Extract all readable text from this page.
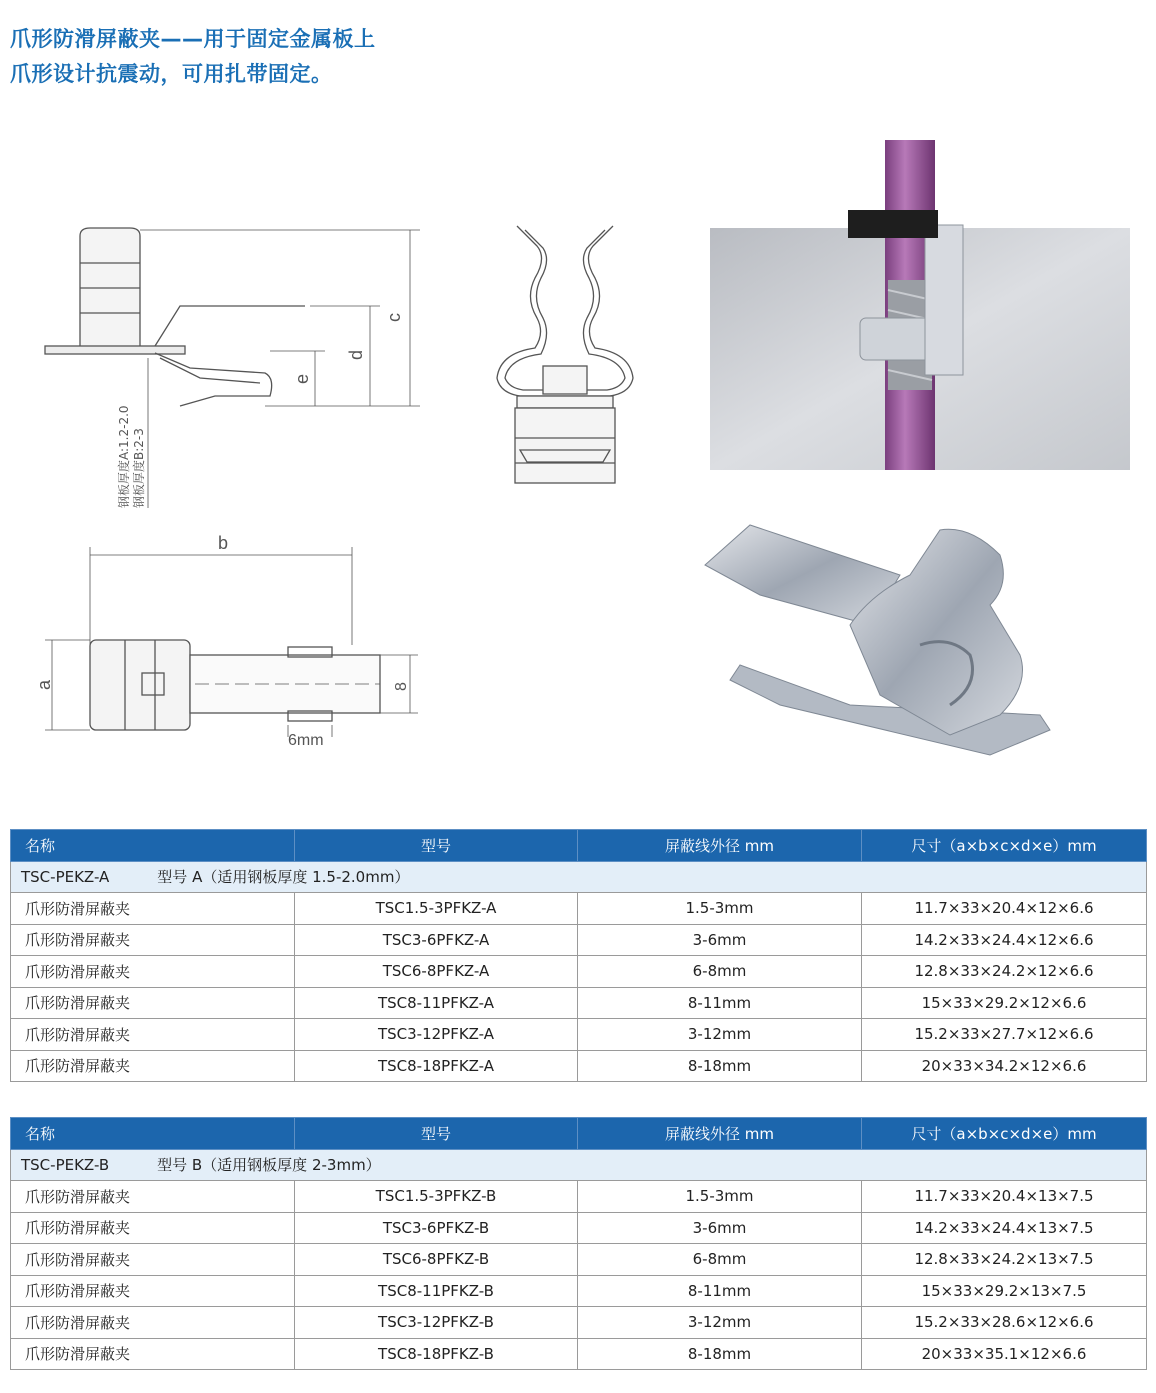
爪形防滑屏蔽夹——用于固定金属板上
爪形设计抗震动，可用扎带固定。
c
d
e
钢板厚度A:1.2-2.0 钢板厚度B:2-3
b
a	8
6mm
名称	型号	屏蔽线外径 mm	尺寸（a×b×c×d×e）mm
TSC-PEKZ-A 型号 A（适用钢板厚度 1.5-2.0mm）			
爪形防滑屏蔽夹	TSC1.5-3PFKZ-A	1.5-3mm	11.7×33×20.4×12×6.6
爪形防滑屏蔽夹	TSC3-6PFKZ-A	3-6mm	14.2×33×24.4×12×6.6
爪形防滑屏蔽夹	TSC6-8PFKZ-A	6-8mm	12.8×33×24.2×12×6.6
爪形防滑屏蔽夹	TSC8-11PFKZ-A	8-11mm	15×33×29.2×12×6.6
爪形防滑屏蔽夹	TSC3-12PFKZ-A	3-12mm	15.2×33×27.7×12×6.6
爪形防滑屏蔽夹	TSC8-18PFKZ-A	8-18mm	20×33×34.2×12×6.6
名称	型号	屏蔽线外径 mm	尺寸（a×b×c×d×e）mm
TSC-PEKZ-B 型号 B（适用钢板厚度 2-3mm）			
爪形防滑屏蔽夹	TSC1.5-3PFKZ-B	1.5-3mm	11.7×33×20.4×13×7.5
爪形防滑屏蔽夹	TSC3-6PFKZ-B	3-6mm	14.2×33×24.4×13×7.5
爪形防滑屏蔽夹	TSC6-8PFKZ-B	6-8mm	12.8×33×24.2×13×7.5
爪形防滑屏蔽夹	TSC8-11PFKZ-B	8-11mm	15×33×29.2×13×7.5
爪形防滑屏蔽夹	TSC3-12PFKZ-B	3-12mm	15.2×33×28.6×12×6.6
爪形防滑屏蔽夹	TSC8-18PFKZ-B	8-18mm	20×33×35.1×12×6.6
